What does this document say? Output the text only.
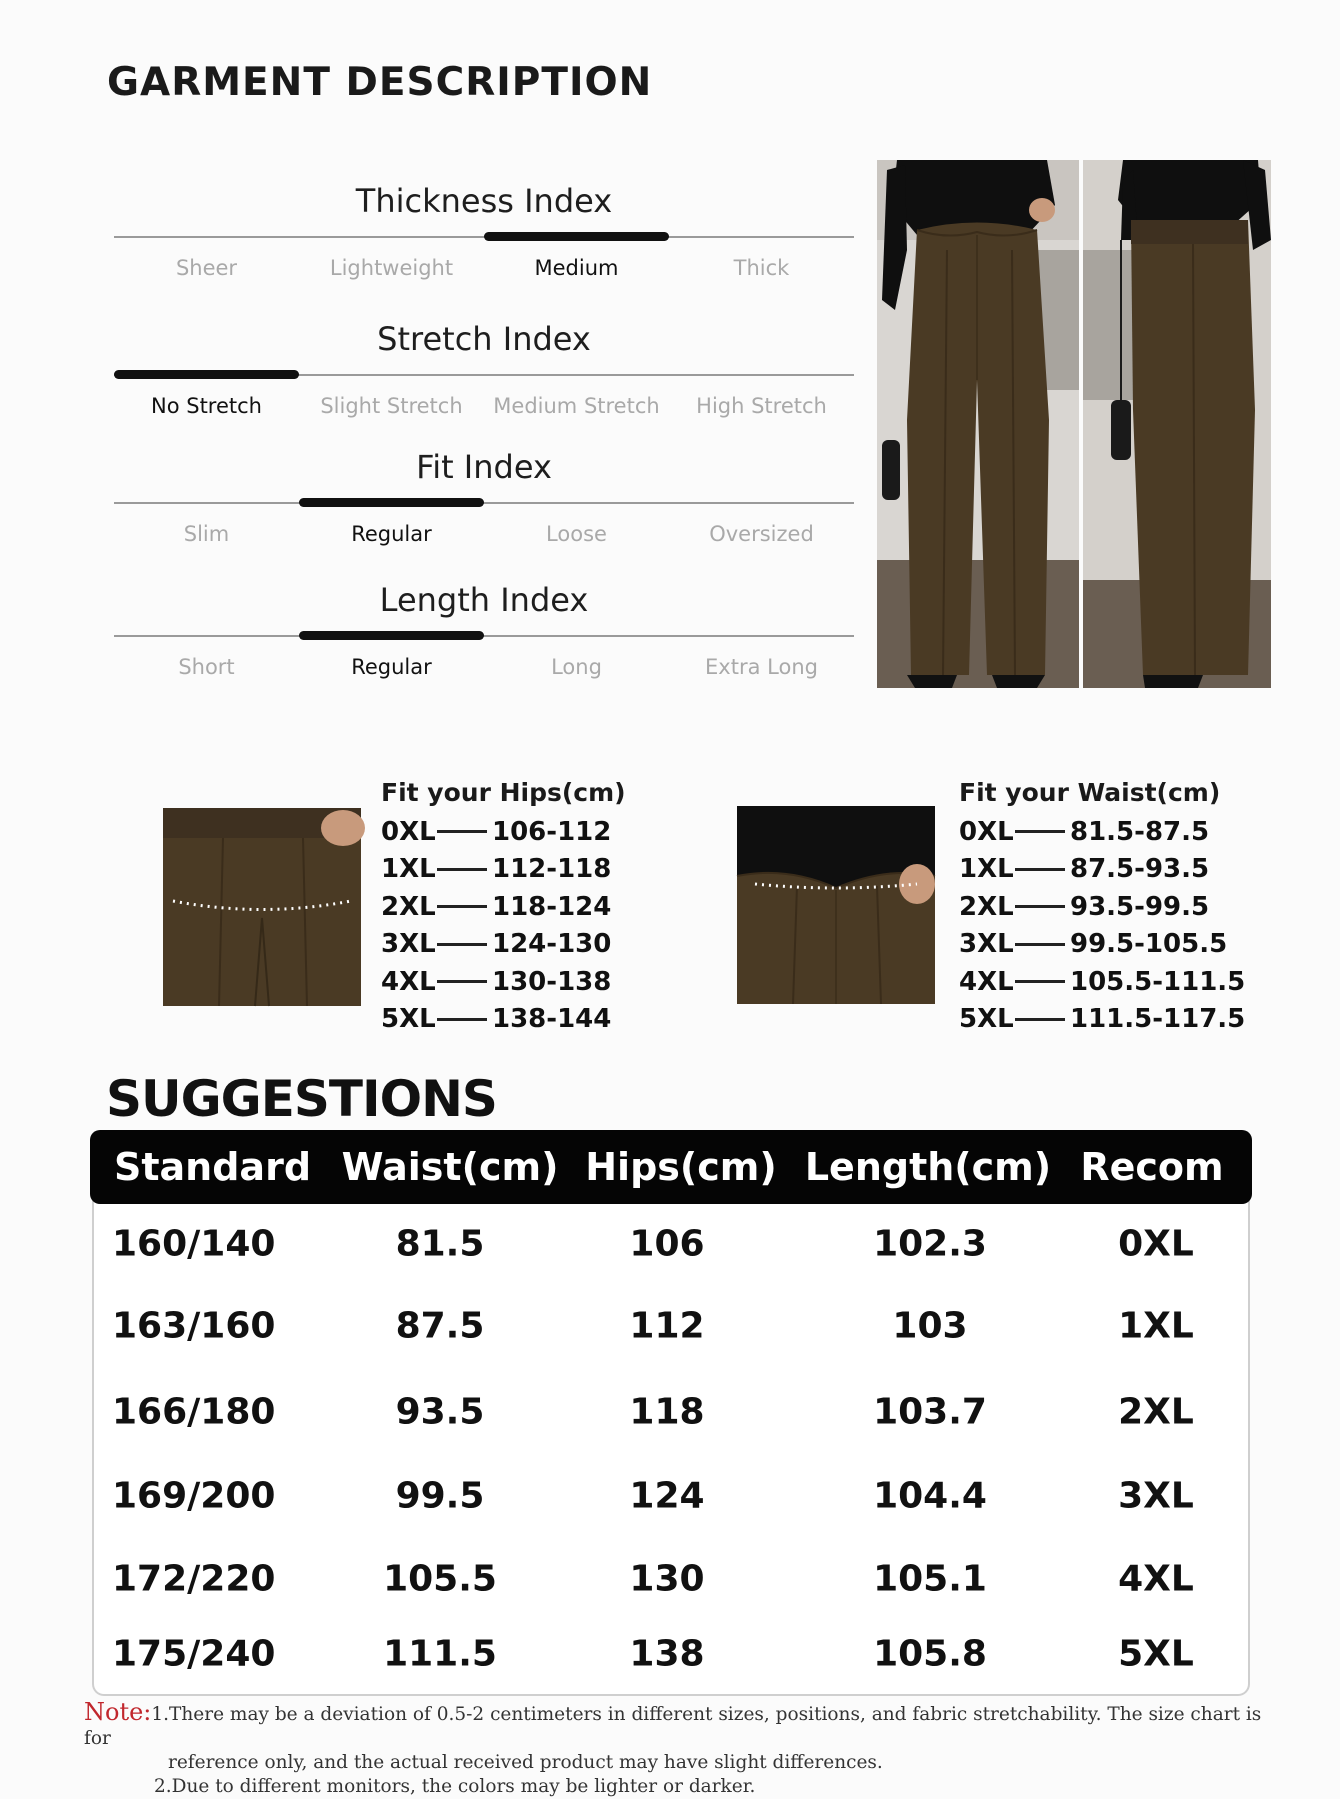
GARMENT DESCRIPTION
Thickness Index
Sheer	Lightweight	Medium	Thick
Stretch Index
No Stretch	Slight Stretch	Medium Stretch	High Stretch
Fit Index
Slim	Regular	Loose	Oversized
Length Index
Short	Regular	Long	Extra Long
Fit your Hips(cm)
0XL 106-112
1XL 112-118
2XL 118-124
3XL 124-130
4XL 130-138
5XL 138-144
Fit your Waist(cm)
0XL 81.5-87.5
1XL 87.5-93.5
2XL 93.5-99.5
3XL 99.5-105.5
4XL 105.5-111.5
5XL 111.5-117.5
SUGGESTIONS
Standard Waist(cm) Hips(cm) Length(cm) Recom
160/140	81.5	106	102.3	0XL
163/160	87.5	112	103	1XL
166/180	93.5	118	103.7	2XL
169/200	99.5	124	104.4	3XL
172/220	105.5	130	105.1	4XL
175/240	111.5	138	105.8	5XL
Note:1.There may be a deviation of 0.5-2 centimeters in different sizes, positions, and fabric stretchability. The size chart is for
reference only, and the actual received product may have slight differences.
2.Due to different monitors, the colors may be lighter or darker.
